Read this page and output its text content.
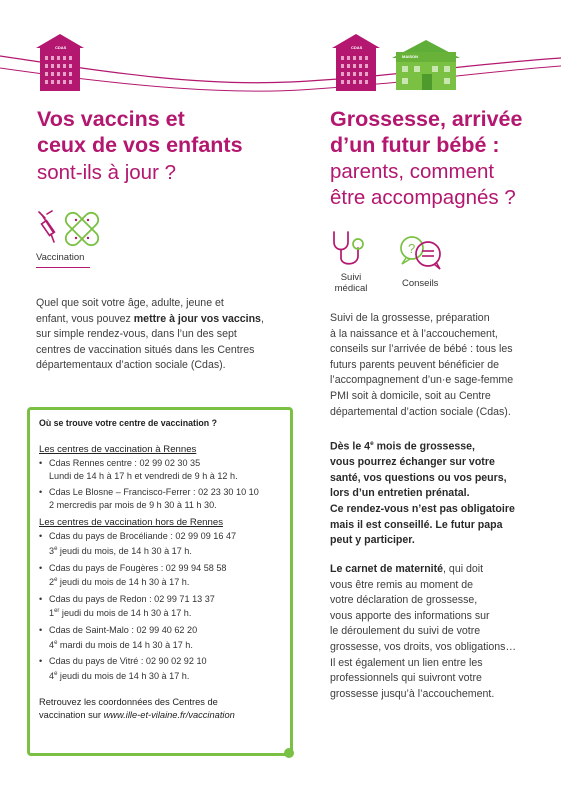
CDAS	CDAS
MAISON
Vos vaccins et
ceux de vos enfants
sont-ils à jour ?
Vaccination
Quel que soit votre âge, adulte, jeune et
enfant, vous pouvez mettre à jour vos vaccins,
sur simple rendez-vous, dans l’un des sept
centres de vaccination situés dans les Centres
départementaux d’action sociale (Cdas).
Où se trouve votre centre de vaccination ?
Les centres de vaccination à Rennes
• Cdas Rennes centre : 02 99 02 30 35
Lundi de 14 h à 17 h et vendredi de 9 h à 12 h.
• Cdas Le Blosne – Francisco-Ferrer : 02 23 30 10 10
2 mercredis par mois de 9 h 30 à 11 h 30.
Les centres de vaccination hors de Rennes
• Cdas du pays de Brocéliande : 02 99 09 16 47
3e jeudi du mois, de 14 h 30 à 17 h.
• Cdas du pays de Fougères : 02 99 94 58 58
2e jeudi du mois de 14 h 30 à 17 h.
• Cdas du pays de Redon : 02 99 71 13 37
1er jeudi du mois de 14 h 30 à 17 h.
• Cdas de Saint-Malo : 02 99 40 62 20
4e mardi du mois de 14 h 30 à 17 h.
• Cdas du pays de Vitré : 02 90 02 92 10
4e jeudi du mois de 14 h 30 à 17 h.
Retrouvez les coordonnées des Centres de
vaccination sur www.ille-et-vilaine.fr/vaccination
Grossesse, arrivée
d’un futur bébé :
parents, comment
être accompagnés ?
Suivi
médical
?
Conseils
Suivi de la grossesse, préparation
à la naissance et à l’accouchement,
conseils sur l’arrivée de bébé : tous les
futurs parents peuvent bénéficier de
l’accompagnement d’un·e sage-femme
PMI soit à domicile, soit au Centre
départemental d’action sociale (Cdas).
Dès le 4e mois de grossesse,
vous pourrez échanger sur votre
santé, vos questions ou vos peurs,
lors d’un entretien prénatal.
Ce rendez-vous n’est pas obligatoire
mais il est conseillé. Le futur papa
peut y participer.
Le carnet de maternité, qui doit
vous être remis au moment de
votre déclaration de grossesse,
vous apporte des informations sur
le déroulement du suivi de votre
grossesse, vos droits, vos obligations…
Il est également un lien entre les
professionnels qui suivront votre
grossesse jusqu’à l’accouchement.
